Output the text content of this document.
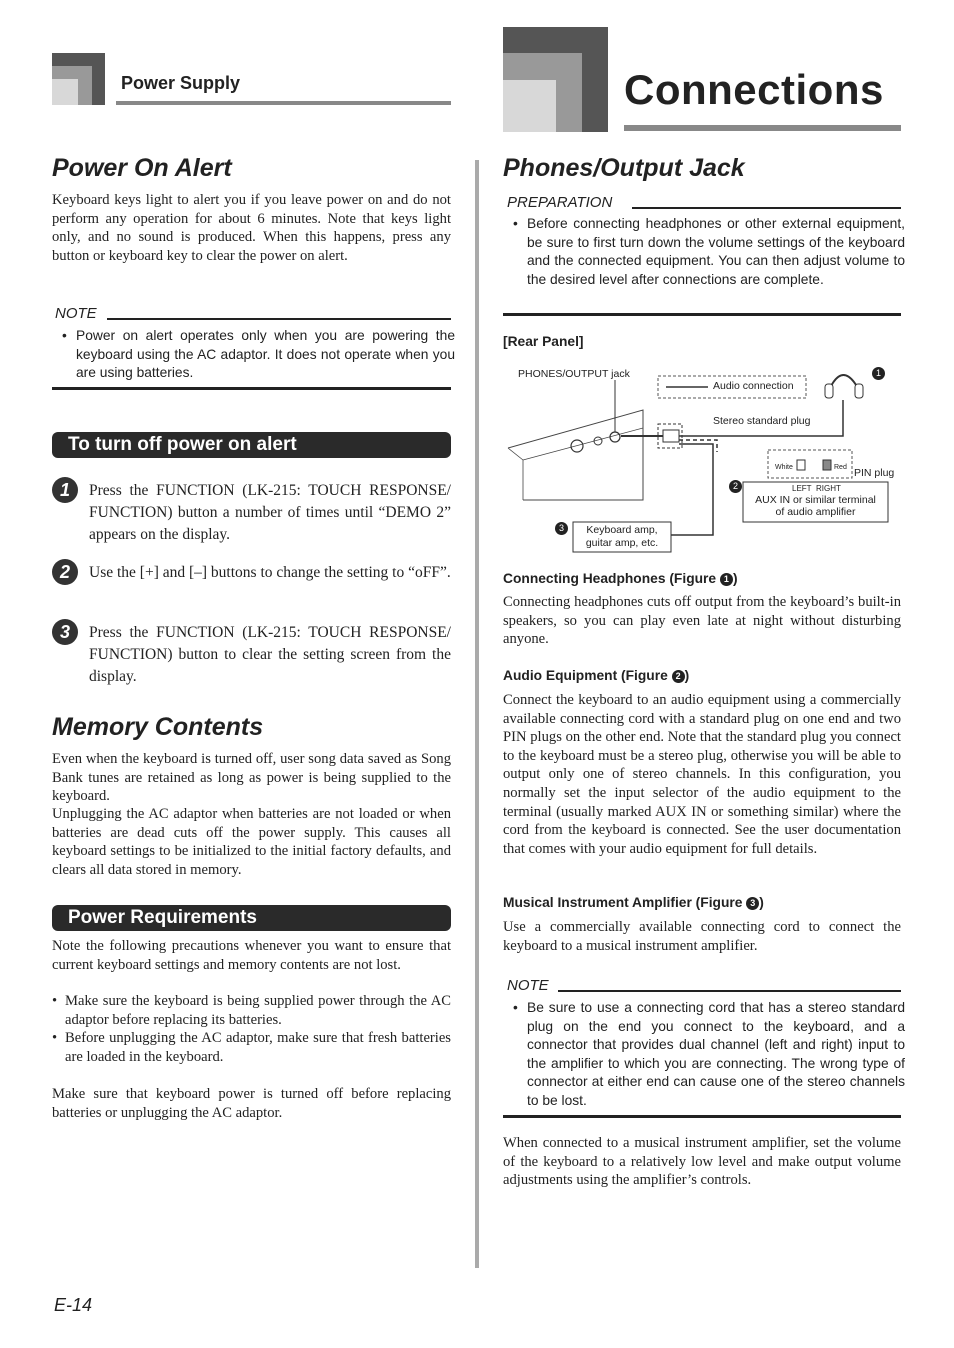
Power Supply	Connections
Power On Alert

Keyboard keys light to alert you if you leave power on and do not perform any operation for about 6 minutes. Note that keys light only, and no sound is produced. When this happens, press any button or keyboard key to clear the power on alert.

NOTE
• Power on alert operates only when you are powering the keyboard using the AC adaptor. It does not operate when you are using batteries.
To turn off power on alert
1	Press the FUNCTION (LK-215: TOUCH RESPONSE/ FUNCTION) button a number of times until “DEMO 2” appears on the display.
2	Use the [+] and [–] buttons to change the setting to “oFF”.
3	Press the FUNCTION (LK-215: TOUCH RESPONSE/ FUNCTION) button to clear the setting screen from the display.
Memory Contents

Even when the keyboard is turned off, user song data saved as Song Bank tunes are retained as long as power is being supplied to the keyboard.

Unplugging the AC adaptor when batteries are not loaded or when batteries are dead cuts off the power supply. This causes all keyboard settings to be initialized to the initial factory defaults, and clears all data stored in memory.

Power Requirements

Note the following precautions whenever you want to ensure that current keyboard settings and memory contents are not lost.

• Make sure the keyboard is being supplied power through the AC adaptor before replacing its batteries.
• Before unplugging the AC adaptor, make sure that fresh batteries are loaded in the keyboard.

Make sure that keyboard power is turned off before replacing batteries or unplugging the AC adaptor.

Phones/Output Jack
PREPARATION
• Before connecting headphones or other external equipment, be sure to first turn down the volume settings of the keyboard and the connected equipment. You can then adjust volume to the desired level after connections are complete.
[Rear Panel]
PHONES/OUTPUT jack
Audio connection
Stereo standard plug
White	Red PIN plug
LEFT RIGHT
AUX IN or similar terminal
of audio amplifier
Keyboard amp,
guitar amp, etc.
1
2
3
Connecting Headphones (Figure 1 )

Connecting headphones cuts off output from the keyboard’s built-in speakers, so you can play even late at night without disturbing anyone.

Audio Equipment (Figure 2 )

Connect the keyboard to an audio equipment using a commercially available connecting cord with a standard plug on one end and two PIN plugs on the other end. Note that the standard plug you connect to the keyboard must be a stereo plug, otherwise you will be able to output only one of stereo channels. In this configuration, you normally set the input selector of the audio equipment to the terminal (usually marked AUX IN or something similar) where the cord from the keyboard is connected. See the user documentation that comes with your audio equipment for full details.

Musical Instrument Amplifier (Figure 3 )

Use a commercially available connecting cord to connect the keyboard to a musical instrument amplifier.

NOTE
• Be sure to use a connecting cord that has a stereo standard plug on the end you connect to the keyboard, and a connector that provides dual channel (left and right) input to the amplifier to which you are connecting. The wrong type of connector at either end can cause one of the stereo channels to be lost.

When connected to a musical instrument amplifier, set the volume of the keyboard to a relatively low level and make output volume adjustments using the amplifier’s controls.

E-14
